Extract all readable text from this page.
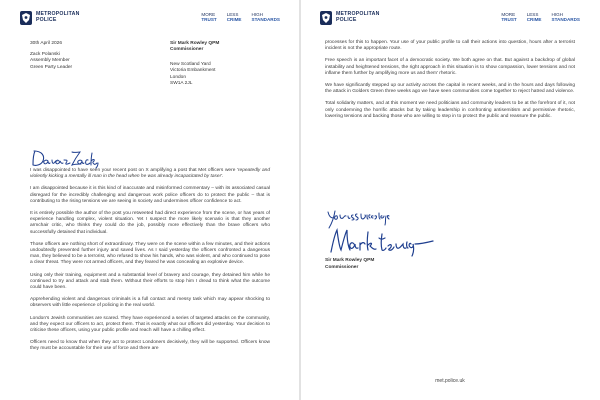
METROPOLITAN
POLICE
MORE
TRUST
LESS
CRIME
HIGH
STANDARDS
30th April 2026
Zack Polanski
Assembly Member
Green Party Leader
Sir Mark Rowley QPM
Commissioner
New Scotland Yard
Victoria Embankment
London
SW1A 2JL

I was disappointed to have seen your recent post on X amplifying a post that Met officers were 'repeatedly and violently kicking a mentally ill man in the head when he was already incapacitated by taser'.

I am disappointed because it is this kind of inaccurate and misinformed commentary – with its associated casual disregard for the incredibly challenging and dangerous work police officers do to protect the public – that is contributing to the rising tensions we are seeing in society and undermines officer confidence to act.

It is entirely possible the author of the post you retweeted had direct experience from the scene, or has years of experience handling complex, violent situation. Yet I suspect the more likely scenario is that they another armchair critic, who thinks they could do the job, possibly more effectively than the brave officers who successfully detained that individual.

Those officers are nothing short of extraordinary. They were on the scene within a few minutes, and their actions undoubtedly prevented further injury and saved lives. As I said yesterday the officers confronted a dangerous man, they believed to be a terrorist, who refused to show his hands, who was violent, and who continued to pose a clear threat. They were not armed officers, and they feared he was concealing an explosive device.

Using only their training, equipment and a substantial level of bravery and courage, they detained him while he continued to try and attack and stab them. Without their efforts to stop him I dread to think what the outcome could have been.

Apprehending violent and dangerous criminals is a full contact and messy task which may appear shocking to observers with little experience of policing in the real world.

London's Jewish communities are scared. They have experienced a series of targeted attacks on the community, and they expect our officers to act, protect them. That is exactly what our officers did yesterday. Your decision to criticise these officers, using your public profile and reach will have a chilling effect.

Officers need to know that when they act to protect Londoners decisively, they will be supported. Officers know they must be accountable for their use of force and there are

METROPOLITAN
POLICE
MORE
TRUST
LESS
CRIME
HIGH
STANDARDS

processes for this to happen. Your use of your public profile to call their actions into question, hours after a terrorist incident is not the appropriate route.

Free speech is an important facet of a democratic society. We both agree on that. But against a backdrop of global instability and heightened tensions, the right approach in this situation is to show compassion, lower tensions and not inflame them further by amplifying more us and them' rhetoric.

We have significantly stepped up our activity across the capital in recent weeks, and in the hours and days following the attack in Golders Green three weeks ago we have seen communities come together to reject hatred and violence.

Total solidarity matters, and at this moment we need politicians and community leaders to be at the forefront of it, not only condemning the horrific attacks but by taking leadership in confronting antisemitism and permissive rhetoric, lowering tensions and backing those who are willing to step in to protect the public and reassure the public.

Sir Mark Rowley QPM
Commissioner
met.police.uk
